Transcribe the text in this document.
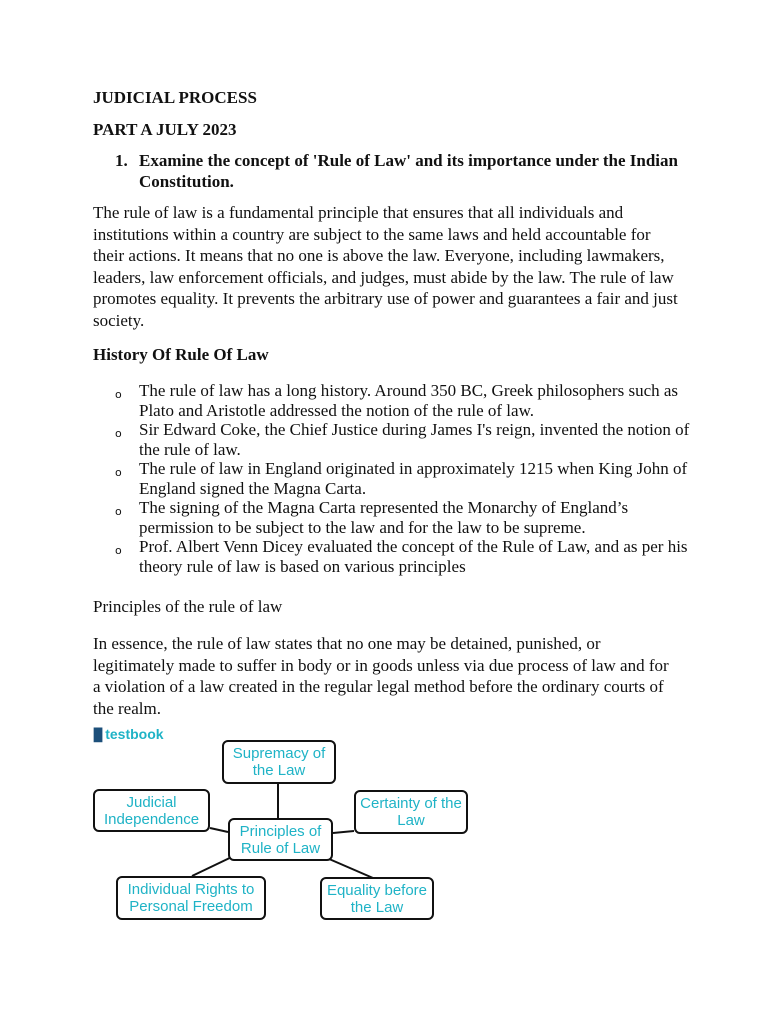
JUDICIAL PROCESS
PART A JULY 2023
1. Examine the concept of 'Rule of Law' and its importance under the Indian Constitution.
The rule of law is a fundamental principle that ensures that all individuals and institutions within a country are subject to the same laws and held accountable for their actions. It means that no one is above the law. Everyone, including lawmakers, leaders, law enforcement officials, and judges, must abide by the law. The rule of law promotes equality. It prevents the arbitrary use of power and guarantees a fair and just society.
History Of Rule Of Law
o The rule of law has a long history. Around 350 BC, Greek philosophers such as Plato and Aristotle addressed the notion of the rule of law.
o Sir Edward Coke, the Chief Justice during James I's reign, invented the notion of the rule of law.
o The rule of law in England originated in approximately 1215 when King John of England signed the Magna Carta.
o The signing of the Magna Carta represented the Monarchy of England’s permission to be subject to the law and for the law to be supreme.
o Prof. Albert Venn Dicey evaluated the concept of the Rule of Law, and as per his theory rule of law is based on various principles
Principles of the rule of law
In essence, the rule of law states that no one may be detained, punished, or legitimately made to suffer in body or in goods unless via due process of law and for a violation of a law created in the regular legal method before the ordinary courts of the realm.
▉ testbook
Supremacy of the Law
Judicial Independence
Certainty of the Law
Principles of Rule of Law
Individual Rights to Personal Freedom
Equality before the Law
